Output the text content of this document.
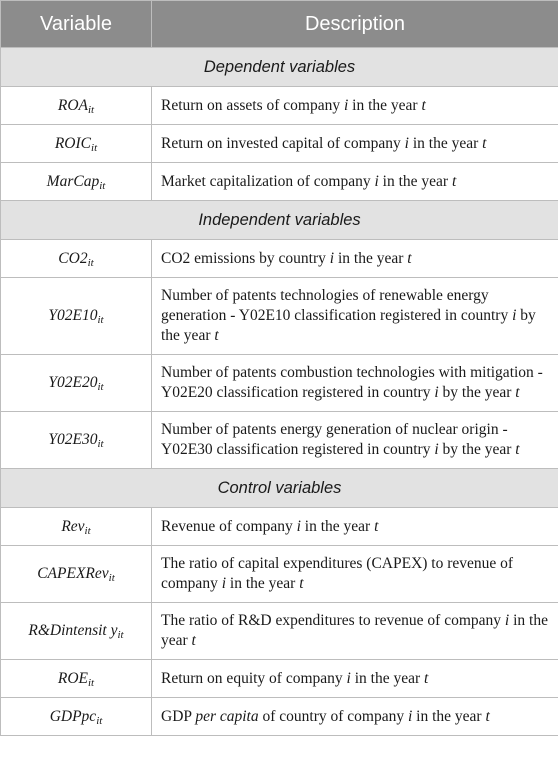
Variable	Description
Dependent variables	
$ROA_{it}$	Return on assets of company i in the year t
$ROIC_{it}$	Return on invested capital of company i in the year t
MarCap$_{it}$	Market capitalization of company i in the year t
Independent variables	
$CO2_{it}$	CO2 emissions by country i in the year t
$Y02E10_{it}$	Number of patents technologies of renewable energy generation - Y02E10 classification registered in country i by the year t
$Y02E20_{it}$	Number of patents combustion technologies with mitigation - Y02E20 classification registered in country i by the year t
$Y02E30_{it}$	Number of patents energy generation of nuclear origin - Y02E30 classification registered in country i by the year t
Control variables	
Rev$_{it}$	Revenue of company i in the year t
CAPEXRev$_{it}$	The ratio of capital expenditures (CAPEX) to revenue of company i in the year t
R&Dintensit $y_{it}$	The ratio of R&D expenditures to revenue of company i in the year t
$ROE_{it}$	Return on equity of company i in the year t
GDPpc$_{it}$	GDP per capita of country of company i in the year t
